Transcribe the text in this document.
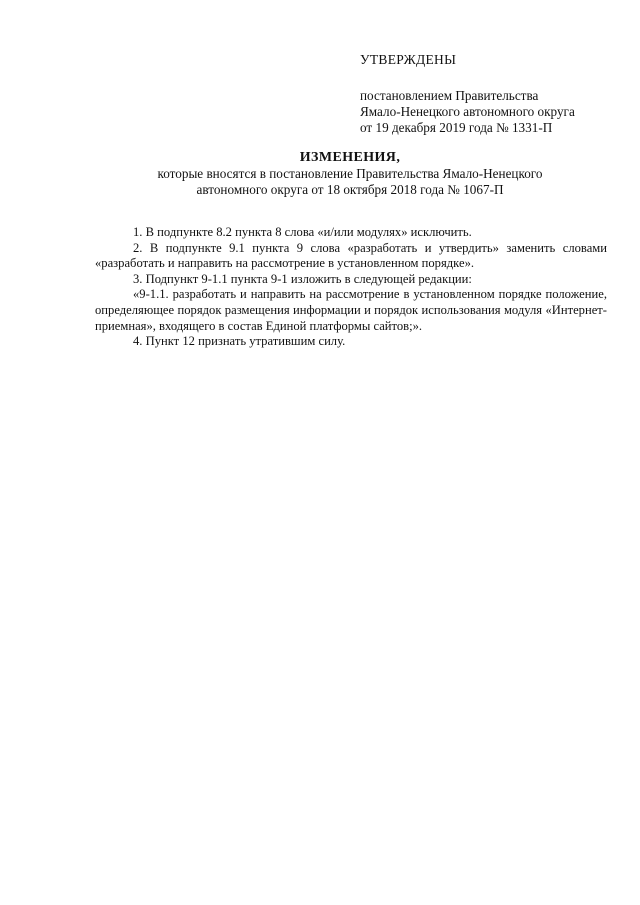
УТВЕРЖДЕНЫ
постановлением Правительства
Ямало-Ненецкого автономного округа
от 19 декабря 2019 года № 1331-П
ИЗМЕНЕНИЯ,
которые вносятся в постановление Правительства Ямало-Ненецкого
автономного округа от 18 октября 2018 года № 1067-П

1. В подпункте 8.2 пункта 8 слова «и/или модулях» исключить.

2. В подпункте 9.1 пункта 9 слова «разработать и утвердить» заменить словами «разработать и направить на рассмотрение в установленном порядке».

3. Подпункт 9-1.1 пункта 9-1 изложить в следующей редакции:

«9-1.1. разработать и направить на рассмотрение в установленном порядке положение, определяющее порядок размещения информации и порядок использования модуля «Интернет-приемная», входящего в состав Единой платформы сайтов;».

4. Пункт 12 признать утратившим силу.
